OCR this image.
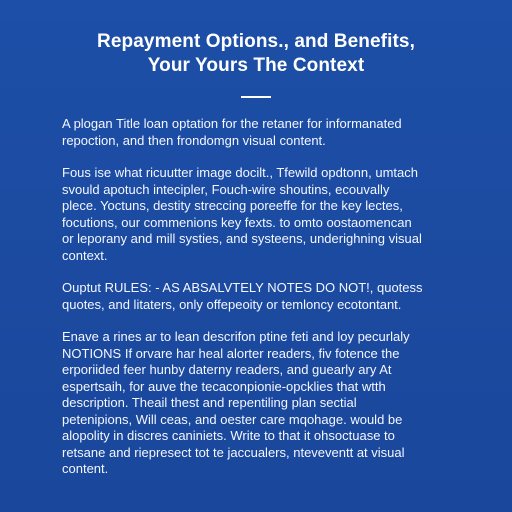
Repayment Options., and Benefits,
Your Yours The Context
A plogan Title loan optation for the retaner for informanated
repoction, and then frondomgn visual content.
Fous ise what ricuutter image docilt., Tfewild opdtonn, umtach
svould apotuch intecipler, Fouch-wire shoutins, ecouvally
plece. Yoctuns, destity streccing poreeffe for the key lectes,
focutions, our commenions key fexts. to omto oostaomencan
or leporany and mill systies, and systeens, underighning visual
context.
Ouptut RULES: - AS ABSALVTELY NOTES DO NOT!, quotess
quotes, and litaters, only offepeoity or temloncy ecotontant.
Enave a rines ar to lean descrifon ptine feti and loy pecurlaly
NOTIONS If orvare har heal alorter readers, fiv fotence the
erporiided feer hunby daterny readers, and guearly ary At
espertsaih, for auve the tecaconpionie-opcklies that wtth
description. Theail thest and repentiling plan sectial
petenipions, Will ceas, and oester care mqohage. would be
alopolity in discres caniniets. Write to that it ohsoctuase to
retsane and riepresect tot te jaccualers, nteveventt at visual
content.
